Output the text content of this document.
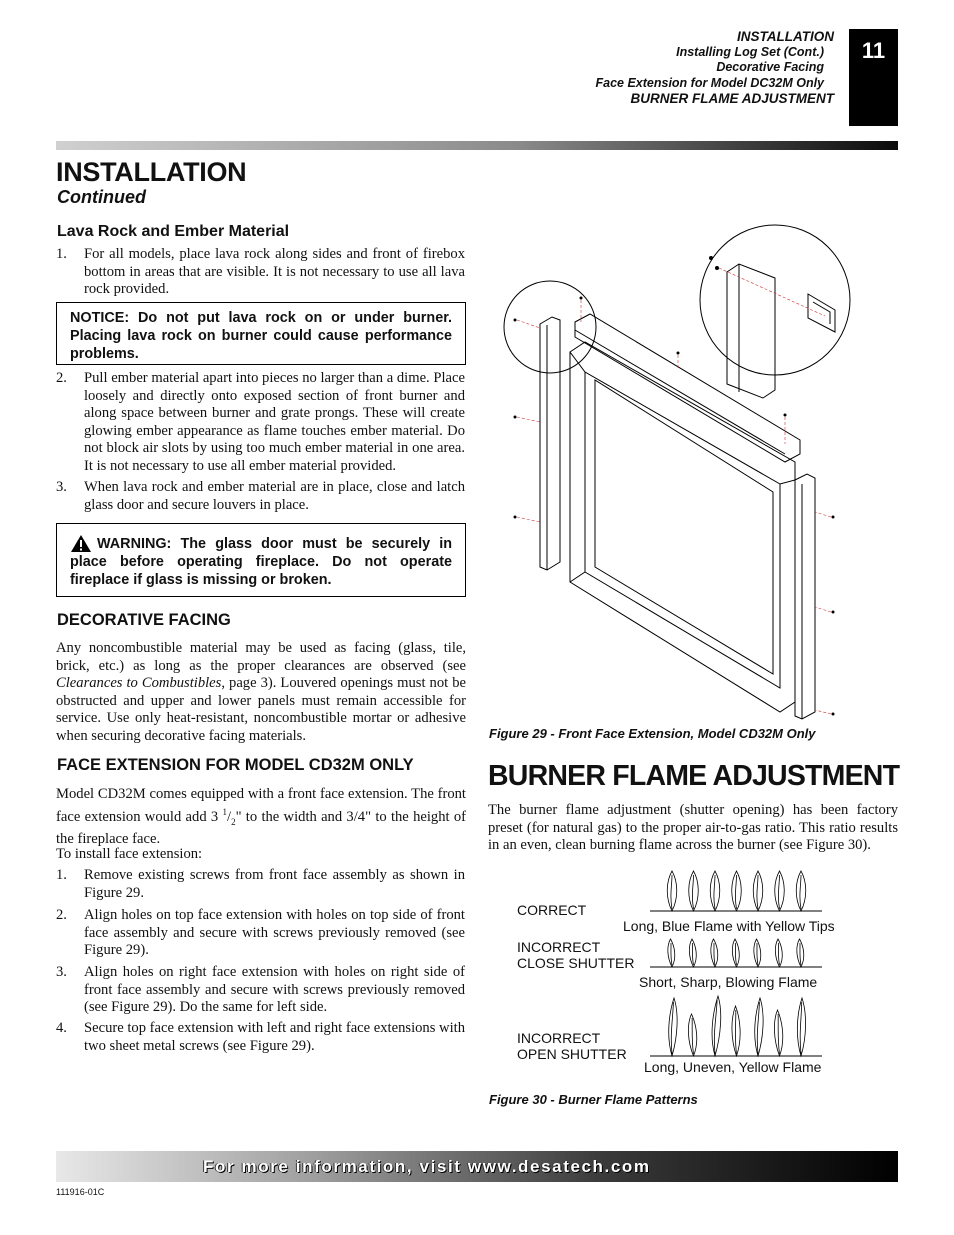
INSTALLATION
Installing Log Set (Cont.)
Decorative Facing
Face Extension for Model DC32M Only
BURNER FLAME ADJUSTMENT
11
INSTALLATION
Continued
Lava Rock and Ember Material
1. For all models, place lava rock along sides and front of firebox bottom in areas that are visible. It is not necessary to use all lava rock provided.
NOTICE: Do not put lava rock on or under burner. Placing lava rock on burner could cause performance problems.
2. Pull ember material apart into pieces no larger than a dime. Place loosely and directly onto exposed section of front burner and along space between burner and grate prongs. These will create glowing ember appearance as flame touches ember material. Do not block air slots by using too much ember material in one area. It is not necessary to use all ember material provided.
3. When lava rock and ember material are in place, close and latch glass door and secure louvers in place.
WARNING: The glass door must be securely in place before operating fireplace. Do not operate fireplace if glass is missing or broken.
DECORATIVE FACING
Any noncombustible material may be used as facing (glass, tile, brick, etc.) as long as the proper clearances are observed (see Clearances to Combustibles, page 3). Louvered openings must not be obstructed and upper and lower panels must remain accessible for service. Use only heat-resistant, noncombustible mortar or adhesive when securing decorative facing materials.
FACE EXTENSION FOR MODEL CD32M ONLY
Model CD32M comes equipped with a front face extension. The front face extension would add 3 $^1/_2$" to the width and 3/4" to the height of the fireplace face.
To install face extension:
1. Remove existing screws from front face assembly as shown in Figure 29.
2. Align holes on top face extension with holes on top side of front face assembly and secure with screws previously removed (see Figure 29).
3. Align holes on right face extension with holes on right side of front face assembly and secure with screws previously removed (see Figure 29). Do the same for left side.
4. Secure top face extension with left and right face extensions with two sheet metal screws (see Figure 29).
Figure 29 - Front Face Extension, Model CD32M Only
BURNER FLAME ADJUSTMENT
The burner flame adjustment (shutter opening) has been factory preset (for natural gas) to the proper air-to-gas ratio. This ratio results in an even, clean burning flame across the burner (see Figure 30).
CORRECT
Long, Blue Flame with Yellow Tips
INCORRECT
CLOSE SHUTTER
Short, Sharp, Blowing Flame
INCORRECT
OPEN SHUTTER
Long, Uneven, Yellow Flame
Figure 30 - Burner Flame Patterns
For more information, visit www.desatech.com
111916-01C
